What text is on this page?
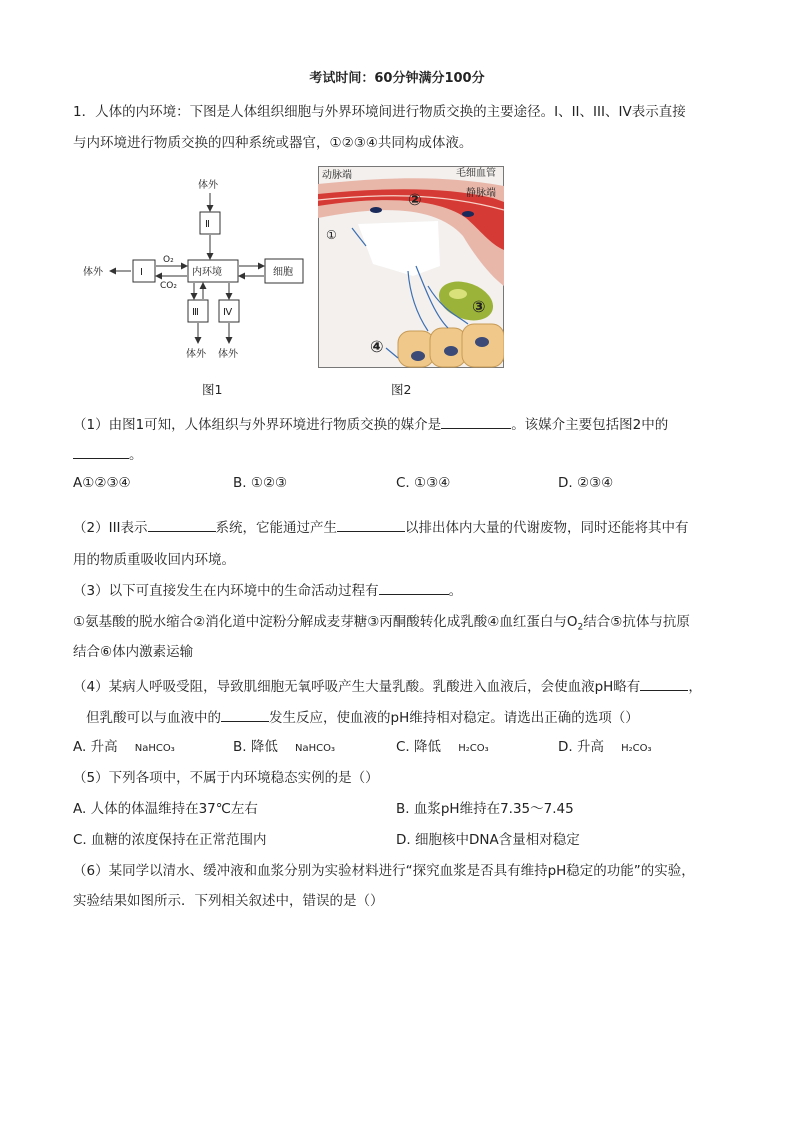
考试时间：60分钟满分100分
1．人体的内环境：下图是人体组织细胞与外界环境间进行物质交换的主要途径。I、II、III、IV表示直接
与内环境进行物质交换的四种系统或器官，①②③④共同构成体液。
体外
Ⅱ
Ⅰ	内环境	细胞
体外
O₂
CO₂
Ⅲ Ⅳ
体外 体外
图1
动脉端	毛细血管
静脉端
②
①
③
④
图2
（1）由图1可知，人体组织与外界环境进行物质交换的媒介是	。该媒介主要包括图2中的
。
A①②③④	B. ①②③	C. ①③④	D. ②③④
（2）III表示	系统，它能通过产生	以排出体内大量的代谢废物，同时还能将其中有
用的物质重吸收回内环境。
（3）以下可直接发生在内环境中的生命活动过程有	。
①氨基酸的脱水缩合②消化道中淀粉分解成麦芽糖③丙酮酸转化成乳酸④血红蛋白与$O_2$结合⑤抗体与抗原
结合⑥体内激素运输
（4）某病人呼吸受阻，导致肌细胞无氧呼吸产生大量乳酸。乳酸进入血液后，会使血液pH略有	，
但乳酸可以与血液中的	发生反应，使血液的pH维持相对稳定。请选出正确的选项（）
A. 升高 NaHCO₃	B. 降低 NaHCO₃	C. 降低 H₂CO₃	D. 升高 H₂CO₃
（5）下列各项中，不属于内环境稳态实例的是（）
A. 人体的体温维持在37℃左右	B. 血浆pH维持在7.35～7.45
C. 血糖的浓度保持在正常范围内	D. 细胞核中DNA含量相对稳定
（6）某同学以清水、缓冲液和血浆分别为实验材料进行“探究血浆是否具有维持pH稳定的功能”的实验，
实验结果如图所示．下列相关叙述中，错误的是（）
